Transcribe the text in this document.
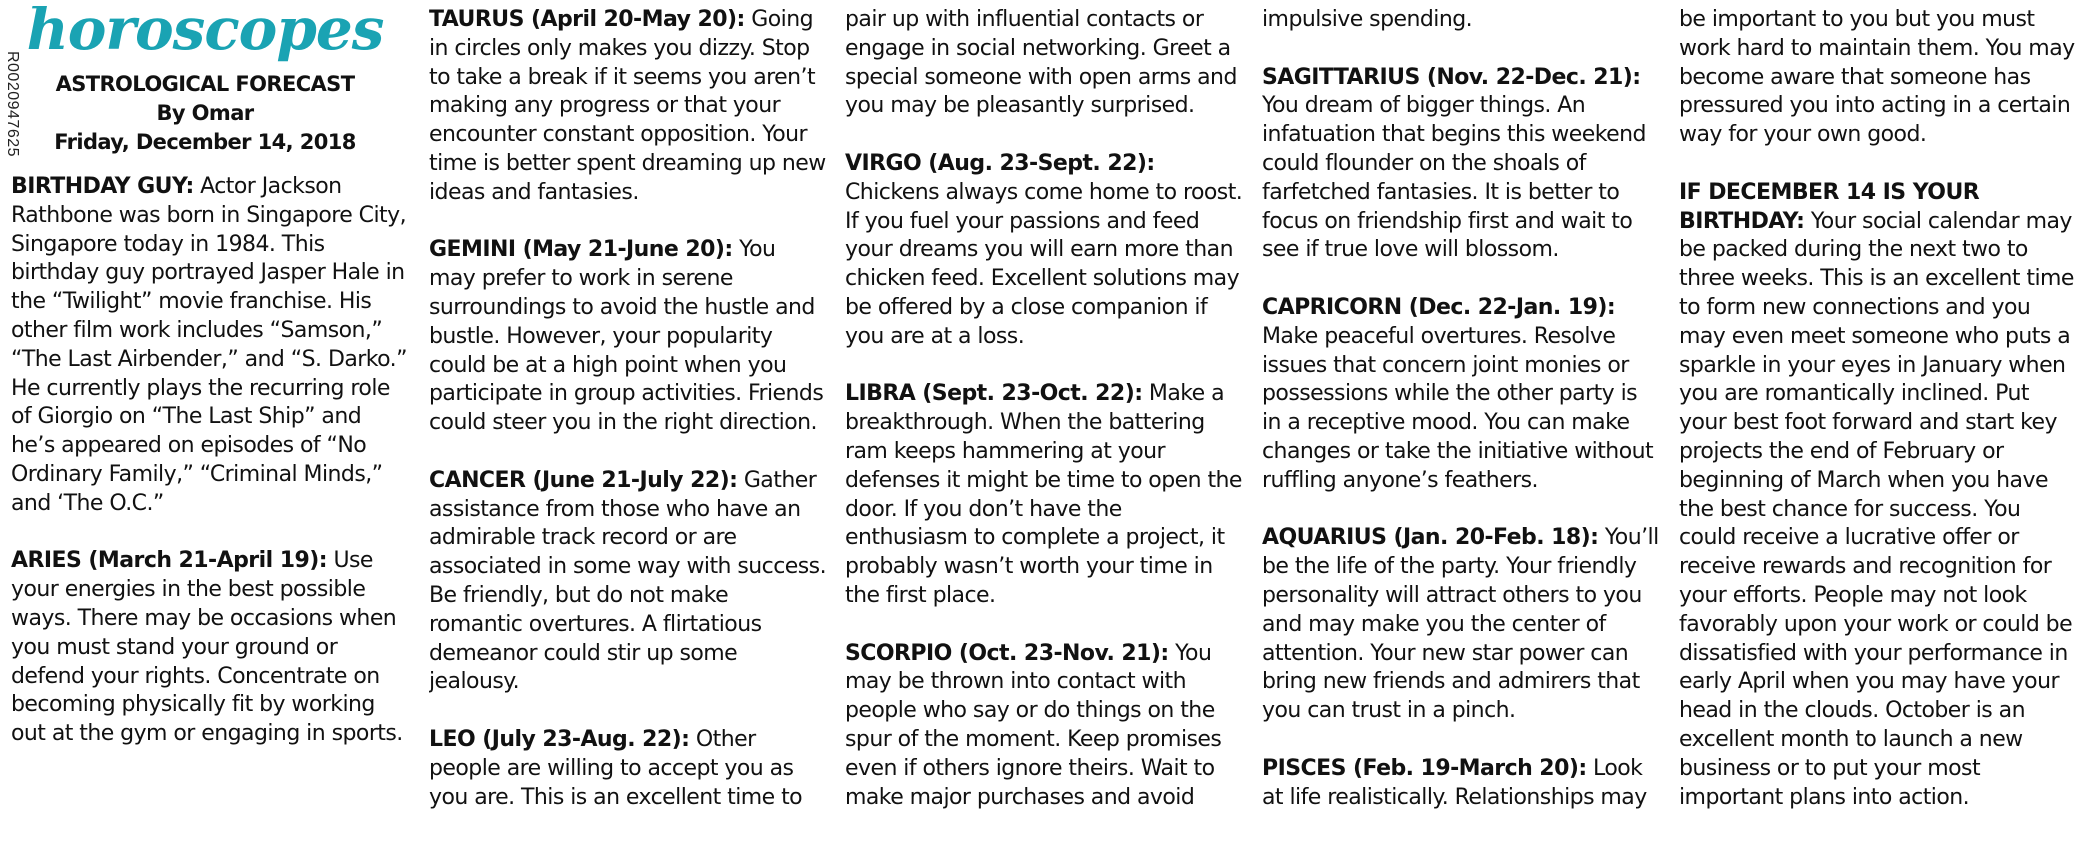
R0020947625
horoscopes
ASTROLOGICAL FORECAST
By Omar
Friday, December 14, 2018

BIRTHDAY GUY: Actor Jackson Rathbone was born in Singapore City, Singapore today in 1984. This birthday guy portrayed Jasper Hale in the “Twilight” movie franchise. His other film work includes “Samson,” “The Last Airbender,” and “S. Darko.” He currently plays the recurring role of Giorgio on “The Last Ship” and he’s appeared on episodes of “No Ordinary Family,” “Criminal Minds,” and ‘The O.C.”

ARIES (March 21-April 19): Use your energies in the best possible ways. There may be occasions when you must stand your ground or defend your rights. Concentrate on becoming physically fit by working out at the gym or engaging in sports.

TAURUS (April 20-May 20): Going in circles only makes you dizzy. Stop to take a break if it seems you aren’t making any progress or that your encounter constant opposition. Your time is better spent dreaming up new ideas and fantasies.

GEMINI (May 21-June 20): You may prefer to work in serene surroundings to avoid the hustle and bustle. However, your popularity could be at a high point when you participate in group activities. Friends could steer you in the right direction.

CANCER (June 21-July 22): Gather assistance from those who have an admirable track record or are associated in some way with success. Be friendly, but do not make romantic overtures. A flirtatious demeanor could stir up some jealousy.

LEO (July 23-Aug. 22): Other people are willing to accept you as you are. This is an excellent time to

pair up with influential contacts or engage in social networking. Greet a special someone with open arms and you may be pleasantly surprised.

VIRGO (Aug. 23-Sept. 22): Chickens always come home to roost. If you fuel your passions and feed your dreams you will earn more than chicken feed. Excellent solutions may be offered by a close companion if you are at a loss.

LIBRA (Sept. 23-Oct. 22): Make a breakthrough. When the battering ram keeps hammering at your defenses it might be time to open the door. If you don’t have the enthusiasm to complete a project, it probably wasn’t worth your time in the first place.

SCORPIO (Oct. 23-Nov. 21): You may be thrown into contact with people who say or do things on the spur of the moment. Keep promises even if others ignore theirs. Wait to make major purchases and avoid

impulsive spending.

SAGITTARIUS (Nov. 22-Dec. 21): You dream of bigger things. An infatuation that begins this weekend could flounder on the shoals of farfetched fantasies. It is better to focus on friendship first and wait to see if true love will blossom.

CAPRICORN (Dec. 22-Jan. 19): Make peaceful overtures. Resolve issues that concern joint monies or possessions while the other party is in a receptive mood. You can make changes or take the initiative without ruffling anyone’s feathers.

AQUARIUS (Jan. 20-Feb. 18): You’ll be the life of the party. Your friendly personality will attract others to you and may make you the center of attention. Your new star power can bring new friends and admirers that you can trust in a pinch.

PISCES (Feb. 19-March 20): Look at life realistically. Relationships may

be important to you but you must work hard to maintain them. You may become aware that someone has pressured you into acting in a certain way for your own good.

IF DECEMBER 14 IS YOUR BIRTHDAY: Your social calendar may be packed during the next two to three weeks. This is an excellent time to form new connections and you may even meet someone who puts a sparkle in your eyes in January when you are romantically inclined. Put your best foot forward and start key projects the end of February or beginning of March when you have the best chance for success. You could receive a lucrative offer or receive rewards and recognition for your efforts. People may not look favorably upon your work or could be dissatisfied with your performance in early April when you may have your head in the clouds. October is an excellent month to launch a new business or to put your most important plans into action.
